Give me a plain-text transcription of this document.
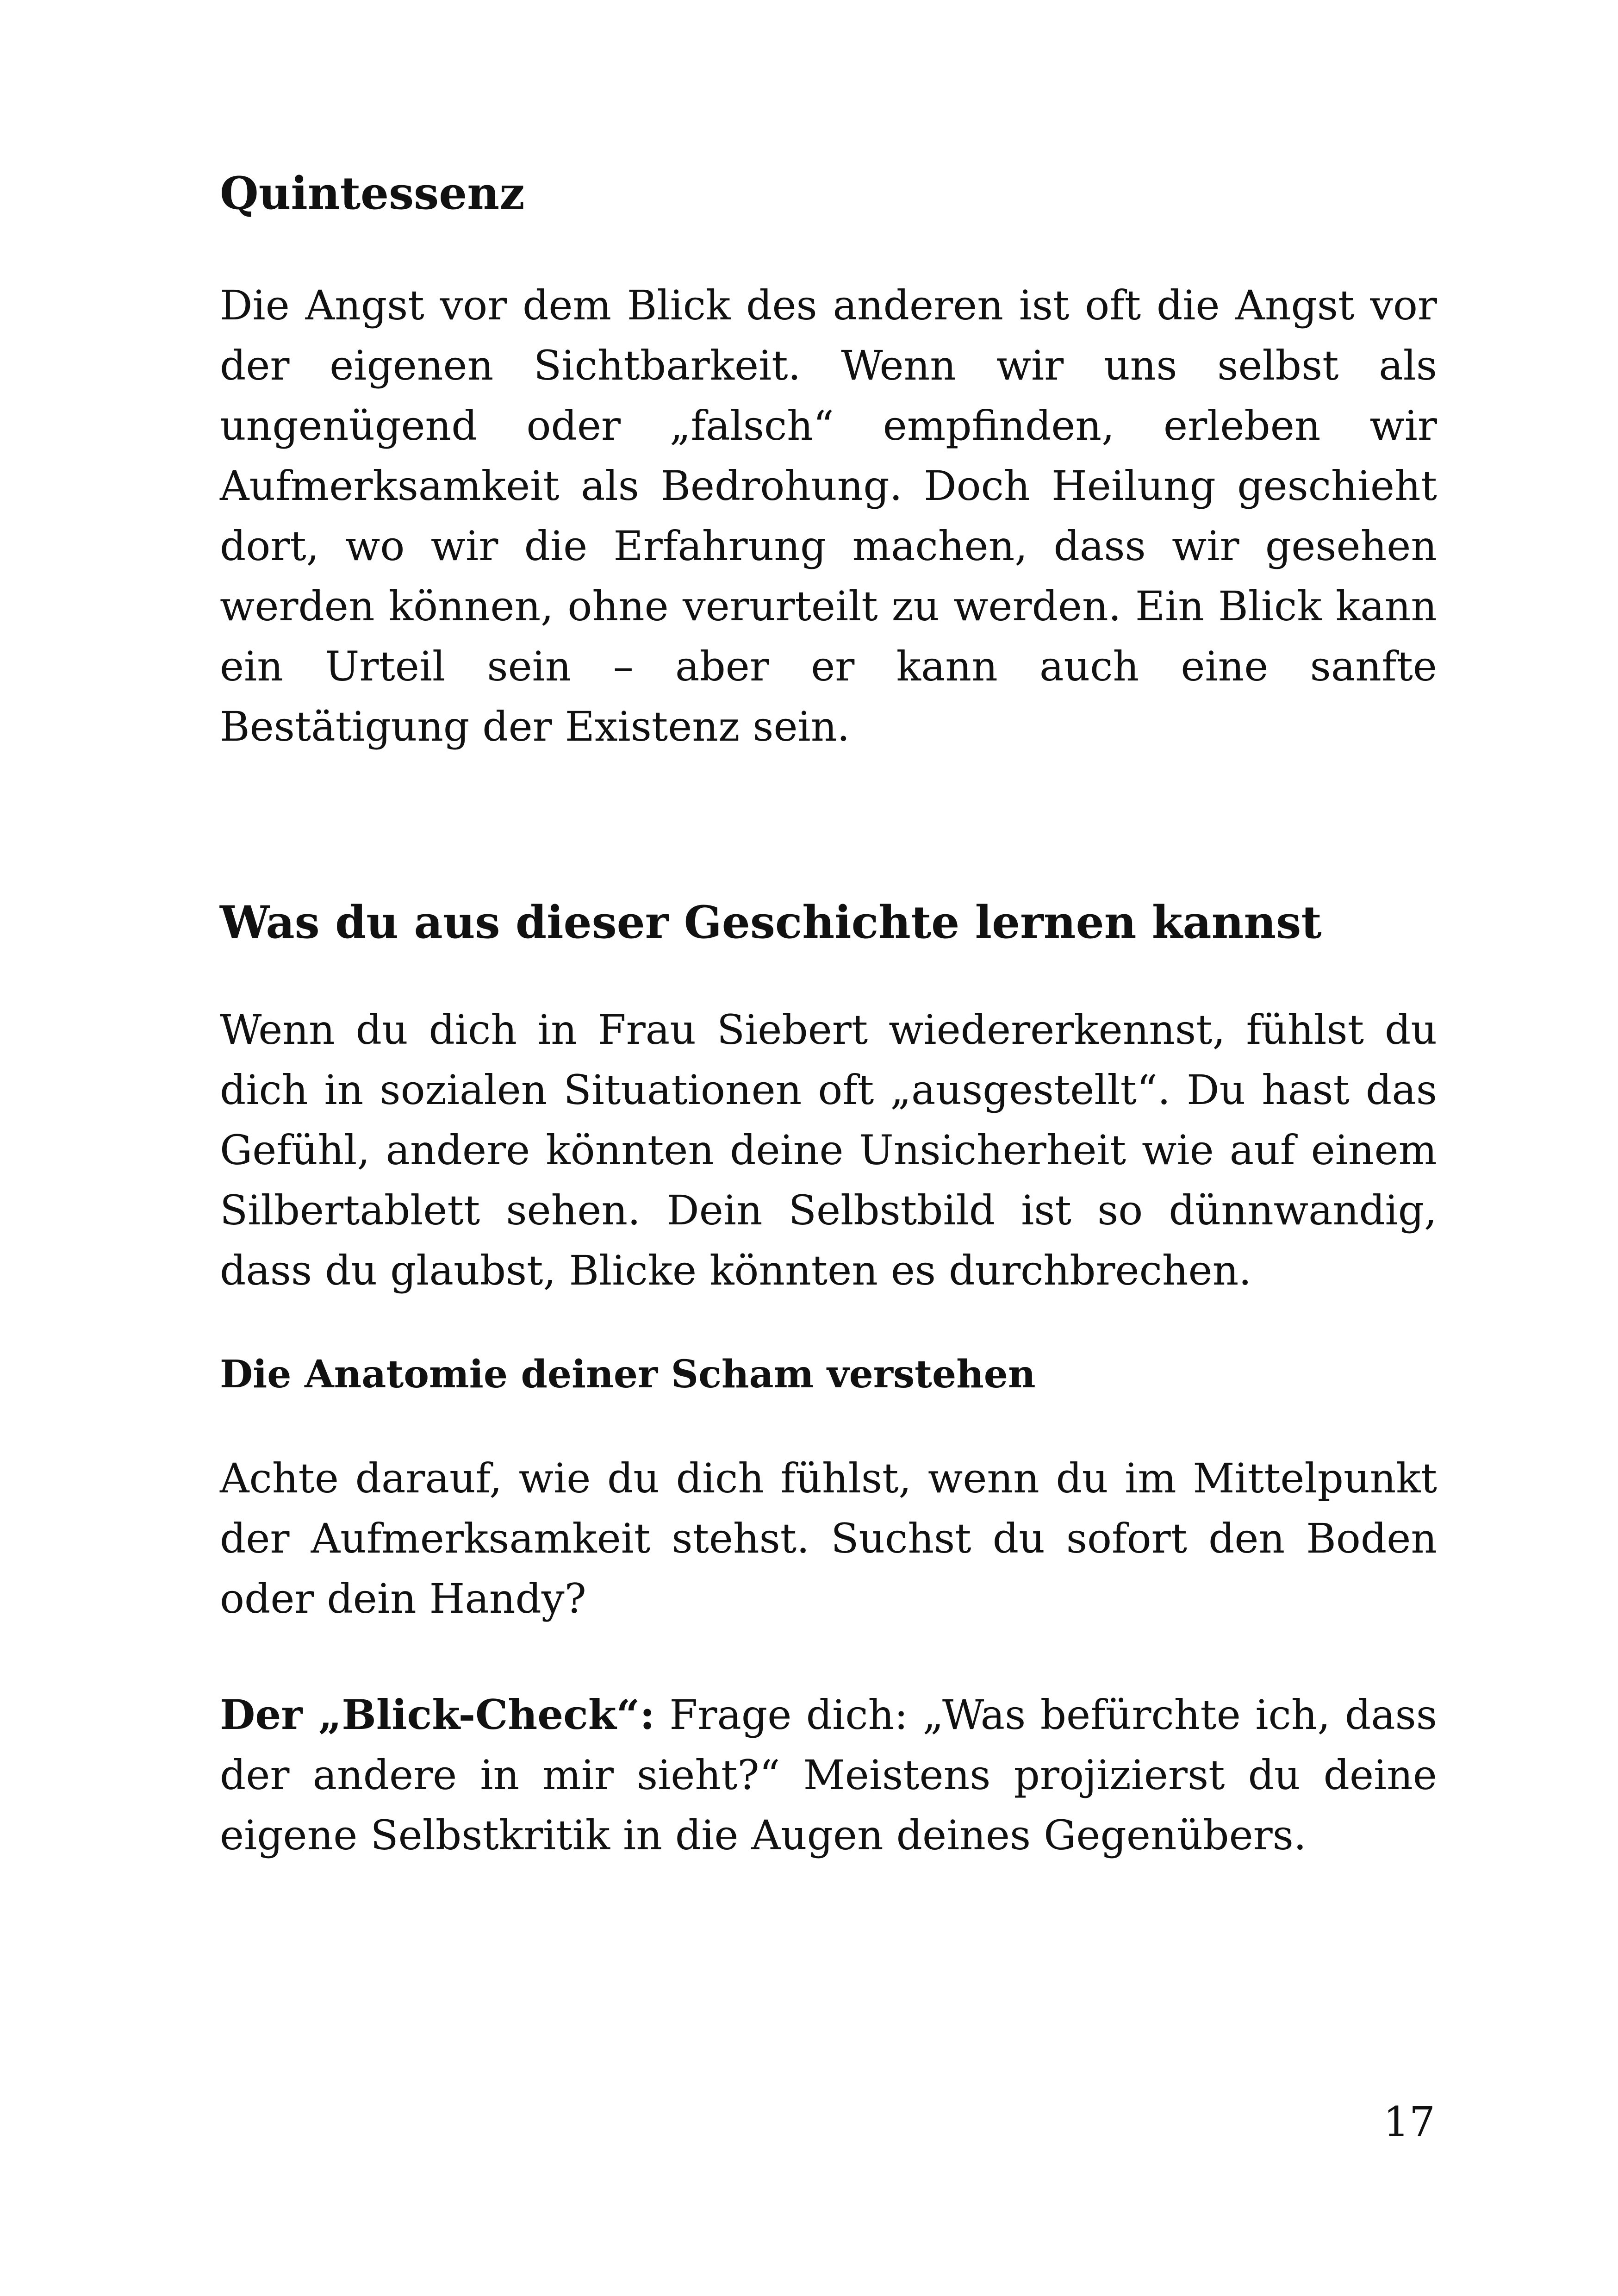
Quintessenz

Die Angst vor dem Blick des anderen ist oft die Angst vor der eigenen Sichtbarkeit. Wenn wir uns selbst als ungenügend oder „falsch“ empfinden, erleben wir Aufmerksamkeit als Bedrohung. Doch Heilung geschieht dort, wo wir die Erfahrung machen, dass wir gesehen werden können, ohne verurteilt zu werden. Ein Blick kann ein Urteil sein – aber er kann auch eine sanfte Bestätigung der Existenz sein.

Was du aus dieser Geschichte lernen kannst

Wenn du dich in Frau Siebert wiedererkennst, fühlst du dich in sozialen Situationen oft „ausgestellt“. Du hast das Gefühl, andere könnten deine Unsicherheit wie auf einem Silbertablett sehen. Dein Selbstbild ist so dünnwandig, dass du glaubst, Blicke könnten es durchbrechen.

Die Anatomie deiner Scham verstehen

Achte darauf, wie du dich fühlst, wenn du im Mittelpunkt der Aufmerksamkeit stehst. Suchst du sofort den Boden oder dein Handy?

Der „Blick-Check“: Frage dich: „Was befürchte ich, dass der andere in mir sieht?“ Meistens projizierst du deine eigene Selbstkritik in die Augen deines Gegenübers.

17
